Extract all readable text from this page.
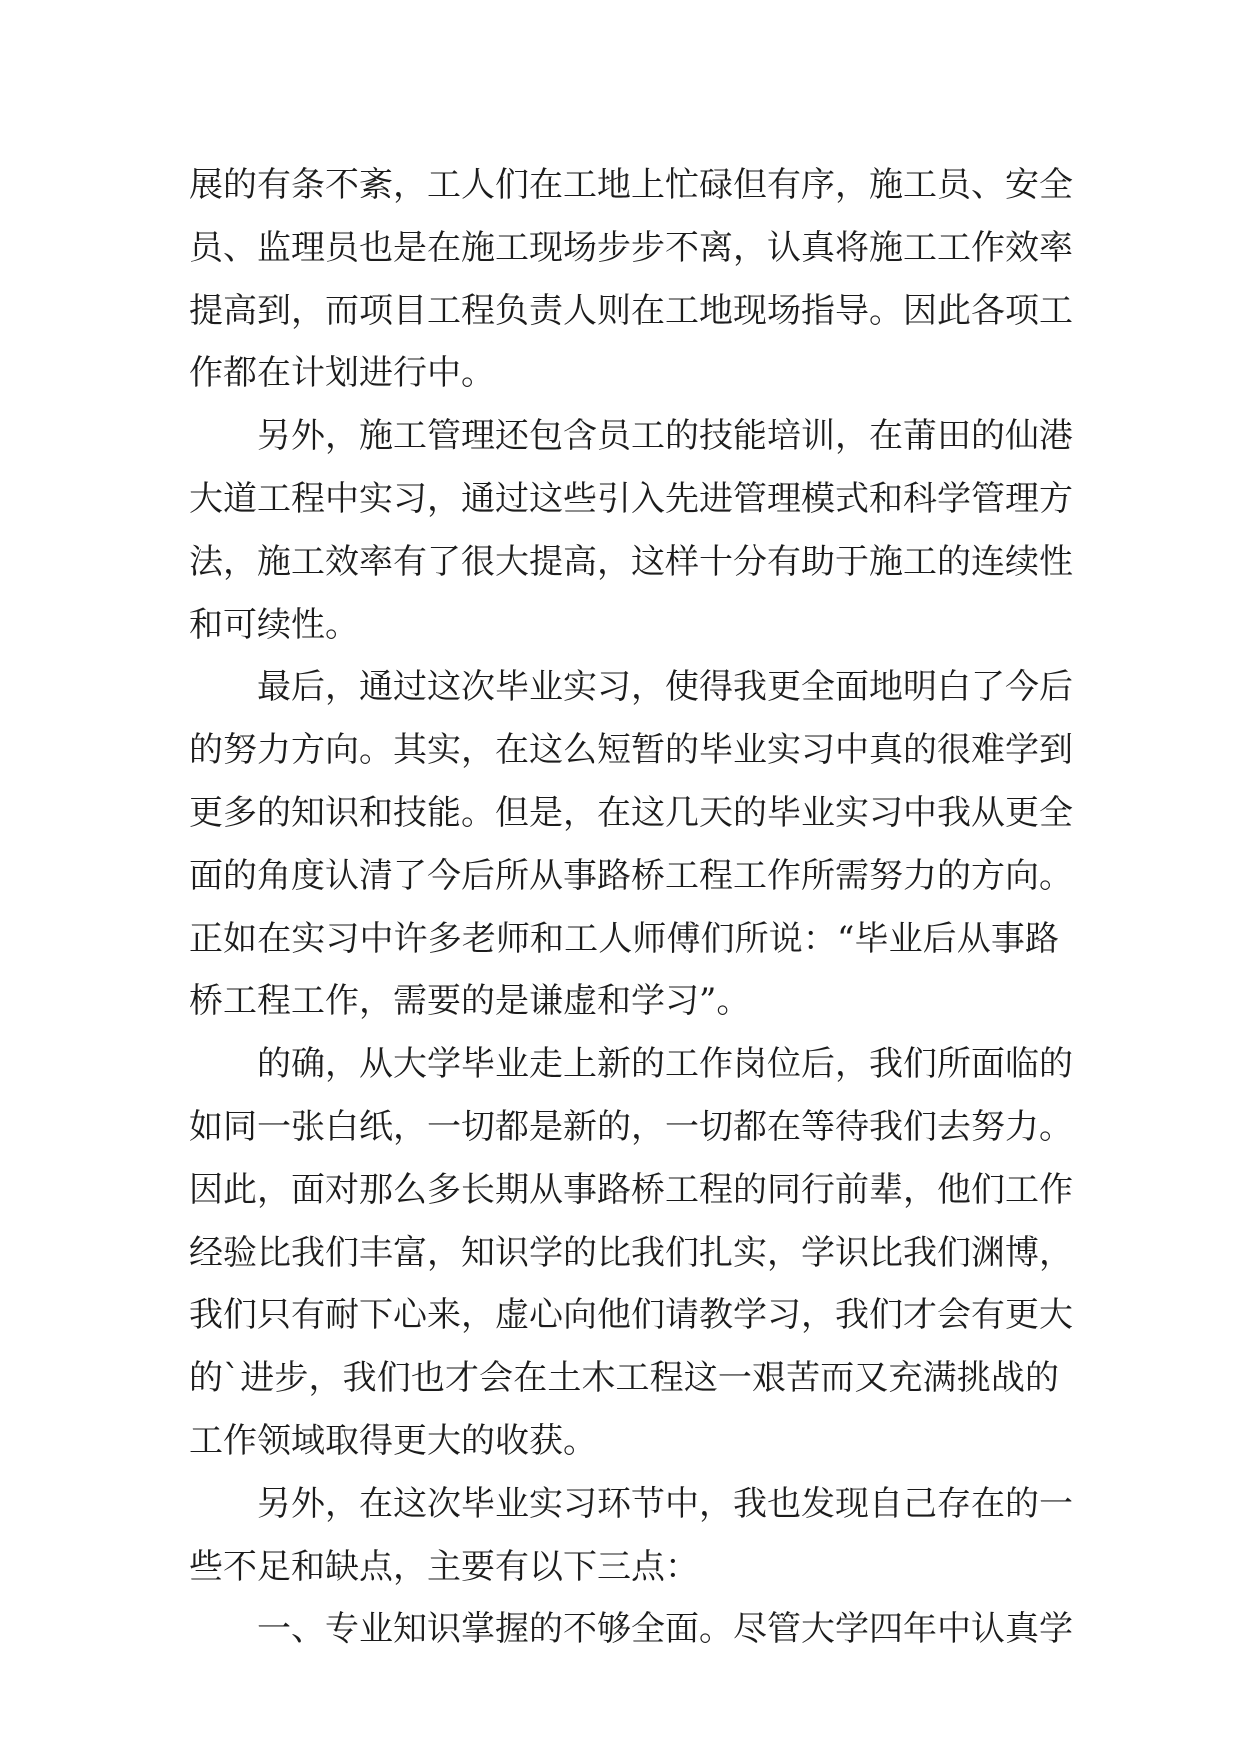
展的有条不紊，工人们在工地上忙碌但有序，施工员、安全
员、监理员也是在施工现场步步不离，认真将施工工作效率
提高到，而项目工程负责人则在工地现场指导。因此各项工
作都在计划进行中。
另外，施工管理还包含员工的技能培训，在莆田的仙港
大道工程中实习，通过这些引入先进管理模式和科学管理方
法，施工效率有了很大提高，这样十分有助于施工的连续性
和可续性。
最后，通过这次毕业实习，使得我更全面地明白了今后
的努力方向。其实，在这么短暂的毕业实习中真的很难学到
更多的知识和技能。但是，在这几天的毕业实习中我从更全
面的角度认清了今后所从事路桥工程工作所需努力的方向。
正如在实习中许多老师和工人师傅们所说：“毕业后从事路
桥工程工作，需要的是谦虚和学习”。
的确，从大学毕业走上新的工作岗位后，我们所面临的
如同一张白纸，一切都是新的，一切都在等待我们去努力。
因此，面对那么多长期从事路桥工程的同行前辈，他们工作
经验比我们丰富，知识学的比我们扎实，学识比我们渊博，
我们只有耐下心来，虚心向他们请教学习，我们才会有更大
的`进步，我们也才会在土木工程这一艰苦而又充满挑战的
工作领域取得更大的收获。
另外，在这次毕业实习环节中，我也发现自己存在的一
些不足和缺点，主要有以下三点：
一、专业知识掌握的不够全面。尽管大学四年中认真学
